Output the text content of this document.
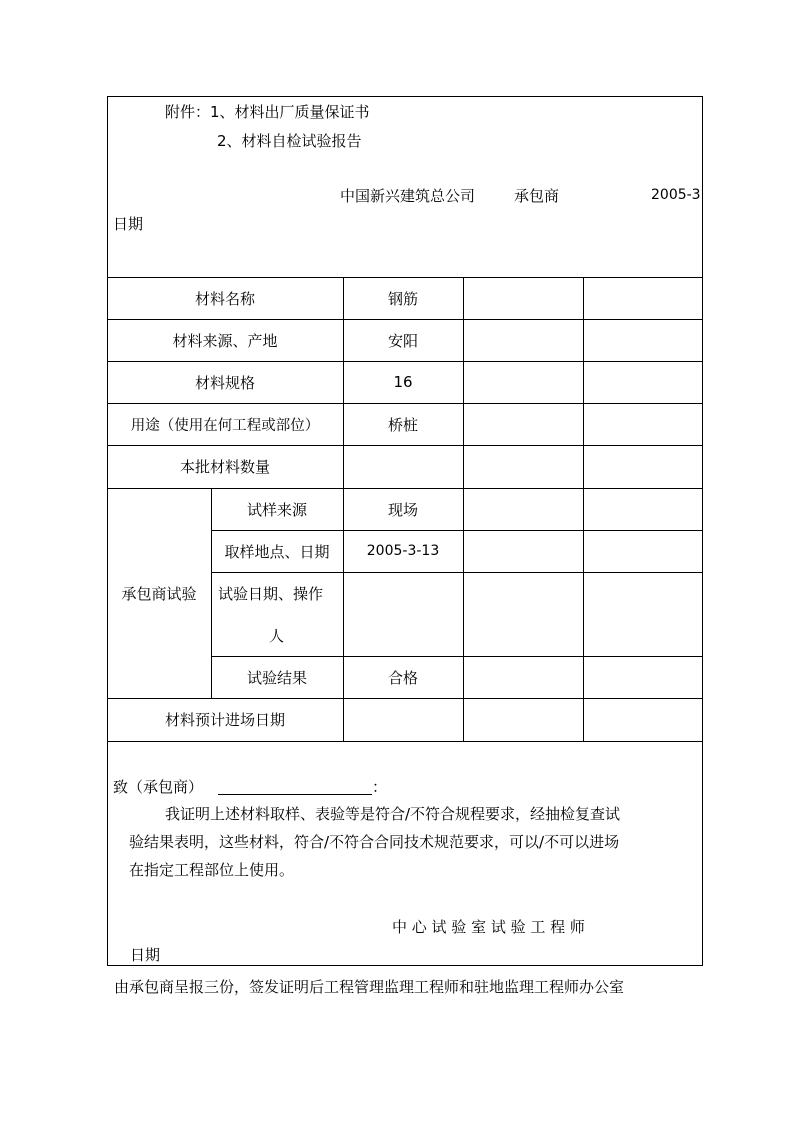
附件：1、材料出厂质量保证书
2、材料自检试验报告
中国新兴建筑总公司	承包商	2005-3
日期
材料名称	钢筋
材料来源、产地	安阳
材料规格	16
用途（使用在何工程或部位）	桥桩
本批材料数量
承包商试验
试样来源	现场
取样地点、日期	2005-3-13
试验日期、操作
人
试验结果	合格
材料预计进场日期
致（承包商）	：
我证明上述材料取样、表验等是符合/不符合规程要求，经抽检复查试
验结果表明，这些材料，符合/不符合合同技术规范要求，可以/不可以进场
在指定工程部位上使用。
中 心 试 验 室 试 验 工 程 师
日期
由承包商呈报三份，签发证明后工程管理监理工程师和驻地监理工程师办公室
